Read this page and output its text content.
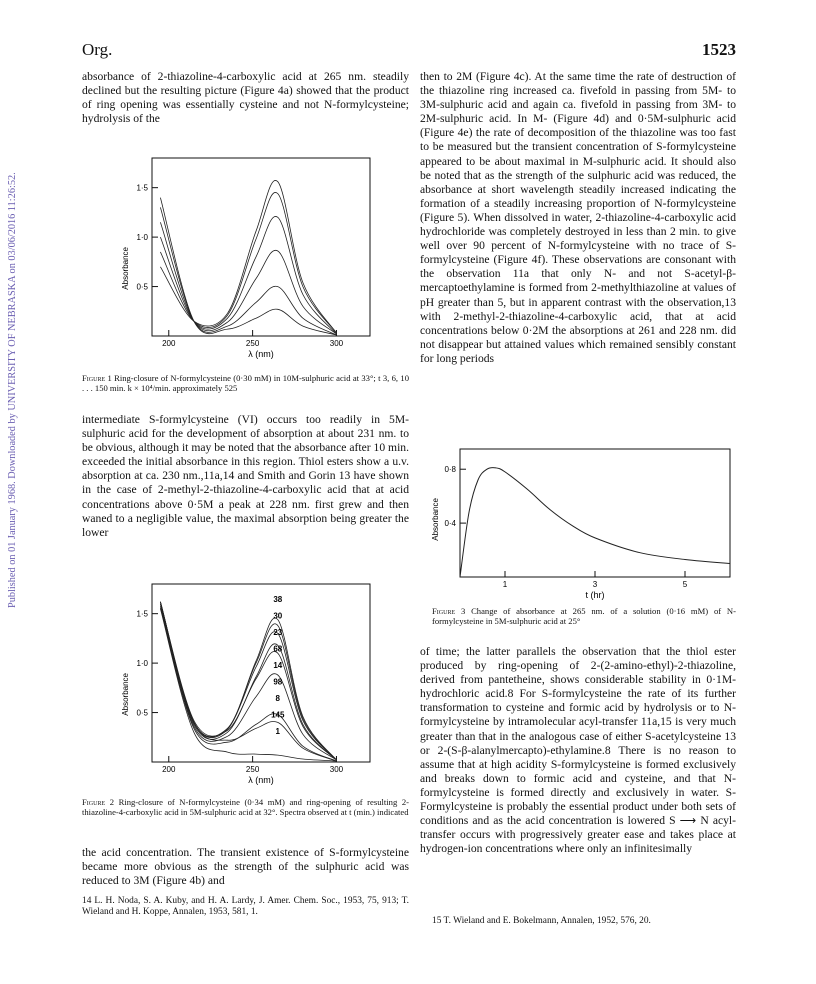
Org.	1523
Published on 01 January 1968. Downloaded by UNIVERSITY OF NEBRASKA on 03/06/2016 11:26:52.

absorbance of 2-thiazoline-4-carboxylic acid at 265 nm. steadily declined but the resulting picture (Figure 4a) showed that the product of ring opening was essentially cysteine and not N-formylcysteine; hydrolysis of the

1·5
1·0
0·5
200	250	300
λ (nm)
Absorbance
Figure 1 Ring-closure of N-formylcysteine (0·30 mM) in 10M-sulphuric acid at 33°; t 3, 6, 10 . . . 150 min. k × 10⁴/min. approximately 525

intermediate S-formylcysteine (VI) occurs too readily in 5M-sulphuric acid for the development of absorption at about 231 nm. to be obvious, although it may be noted that the absorbance after 10 min. exceeded the initial absorbance in this region. Thiol esters show a u.v. absorption at ca. 230 nm.,11a,14 and Smith and Gorin 13 have shown in the case of 2-methyl-2-thiazoline-4-carboxylic acid that at acid concentrations above 0·5M a peak at 228 nm. first grew and then waned to a negligible value, the maximal absorption being greater the lower

1·5
1·0
0·5
200	250	300
λ (nm)
Absorbance
38
30
23
68
14
98
8
145
1
Figure 2 Ring-closure of N-formylcysteine (0·34 mM) and ring-opening of resulting 2-thiazoline-4-carboxylic acid in 5M-sulphuric acid at 32°. Spectra observed at t (min.) indicated

the acid concentration. The transient existence of S-formylcysteine became more obvious as the strength of the sulphuric acid was reduced to 3M (Figure 4b) and

14 L. H. Noda, S. A. Kuby, and H. A. Lardy, J. Amer. Chem. Soc., 1953, 75, 913; T. Wieland and H. Koppe, Annalen, 1953, 581, 1.

then to 2M (Figure 4c). At the same time the rate of destruction of the thiazoline ring increased ca. fivefold in passing from 5M- to 3M-sulphuric acid and again ca. fivefold in passing from 3M- to 2M-sulphuric acid. In M- (Figure 4d) and 0·5M-sulphuric acid (Figure 4e) the rate of decomposition of the thiazoline was too fast to be measured but the transient concentration of S-formylcysteine appeared to be about maximal in M-sulphuric acid. It should also be noted that as the strength of the sulphuric acid was reduced, the absorbance at short wavelength steadily increased indicating the formation of a steadily increasing proportion of N-formylcysteine (Figure 5). When dissolved in water, 2-thiazoline-4-carboxylic acid hydrochloride was completely destroyed in less than 2 min. to give well over 90 percent of N-formylcysteine with no trace of S-formylcysteine (Figure 4f). These observations are consonant with the observation 11a that only N- and not S-acetyl-β-mercaptoethylamine is formed from 2-methylthiazoline at values of pH greater than 5, but in apparent contrast with the observation,13 with 2-methyl-2-thiazoline-4-carboxylic acid, that at acid concentrations below 0·2M the absorptions at 261 and 228 nm. did not disappear but attained values which remained sensibly constant for long periods

0·8
0·4
1	3	5
t (hr)
Absorbance
Figure 3 Change of absorbance at 265 nm. of a solution (0·16 mM) of N-formylcysteine in 5M-sulphuric acid at 25°

of time; the latter parallels the observation that the thiol ester produced by ring-opening of 2-(2-amino-ethyl)-2-thiazoline, derived from pantetheine, shows considerable stability in 0·1M-hydrochloric acid.8 For S-formylcysteine the rate of its further transformation to cysteine and formic acid by hydrolysis or to N-formylcysteine by intramolecular acyl-transfer 11a,15 is very much greater than that in the analogous case of either S-acetylcysteine 13 or 2-(S-β-alanylmercapto)-ethylamine.8 There is no reason to assume that at high acidity S-formylcysteine is formed exclusively and breaks down to formic acid and cysteine, and that N-formylcysteine is formed directly and exclusively in water. S-Formylcysteine is probably the essential product under both sets of conditions and as the acid concentration is lowered S ⟶ N acyl-transfer occurs with progressively greater ease and takes place at hydrogen-ion concentrations where only an infinitesimally

15 T. Wieland and E. Bokelmann, Annalen, 1952, 576, 20.
